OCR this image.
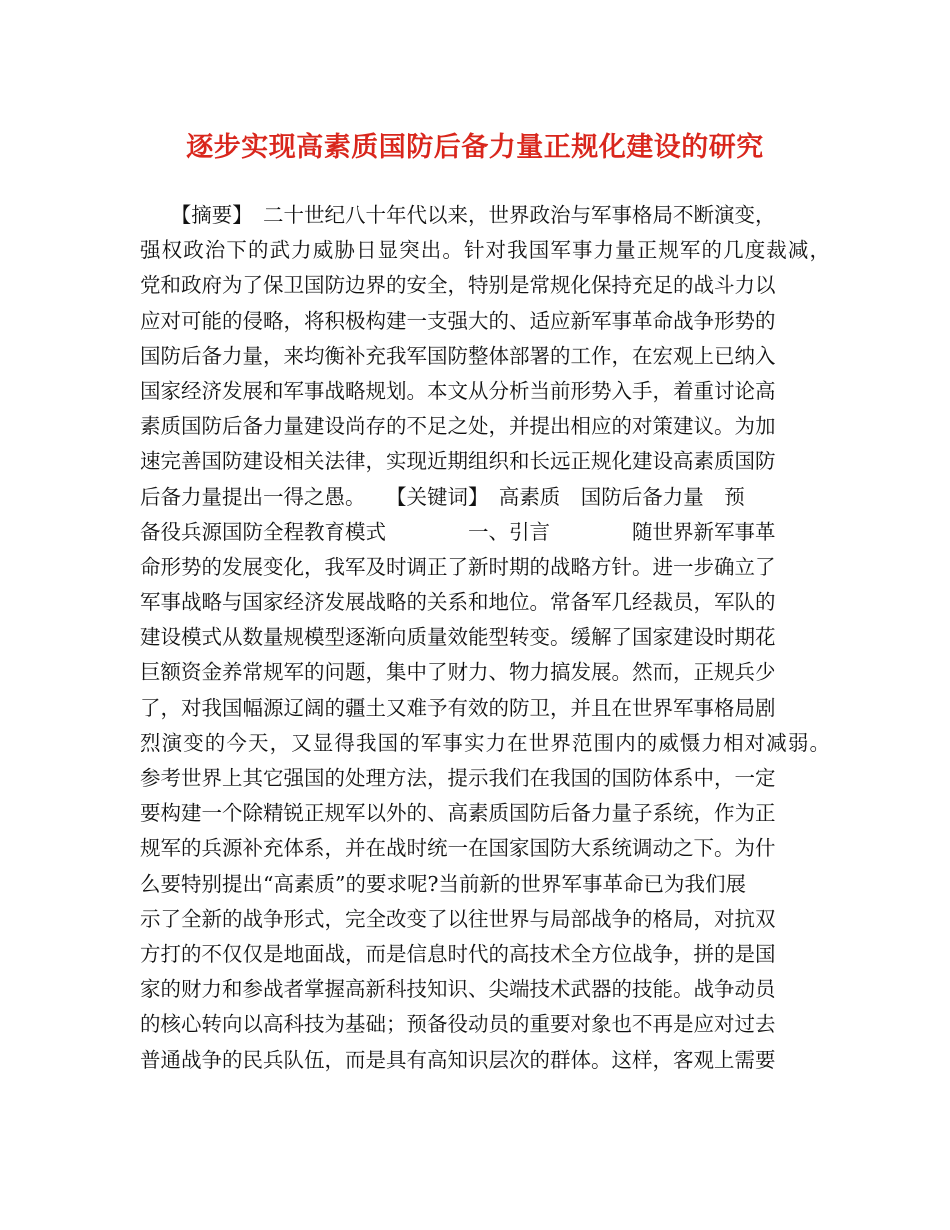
逐步实现高素质国防后备力量正规化建设的研究
　　【摘要】　二十世纪八十年代以来，世界政治与军事格局不断演变，
强权政治下的武力威胁日显突出。针对我国军事力量正规军的几度裁减，
党和政府为了保卫国防边界的安全，特别是常规化保持充足的战斗力以
应对可能的侵略，将积极构建一支强大的、适应新军事革命战争形势的
国防后备力量，来均衡补充我军国防整体部署的工作，在宏观上已纳入
国家经济发展和军事战略规划。本文从分析当前形势入手，着重讨论高
素质国防后备力量建设尚存的不足之处，并提出相应的对策建议。为加
速完善国防建设相关法律，实现近期组织和长远正规化建设高素质国防
后备力量提出一得之愚。　　【关键词】　高素质　国防后备力量　预
备役兵源国防全程教育模式　　　　一、引言　　　　随世界新军事革
命形势的发展变化，我军及时调正了新时期的战略方针。进一步确立了
军事战略与国家经济发展战略的关系和地位。常备军几经裁员，军队的
建设模式从数量规模型逐渐向质量效能型转变。缓解了国家建设时期花
巨额资金养常规军的问题，集中了财力、物力搞发展。然而，正规兵少
了，对我国幅源辽阔的疆土又难予有效的防卫，并且在世界军事格局剧
烈演变的今天，又显得我国的军事实力在世界范围内的威慑力相对减弱。
参考世界上其它强国的处理方法，提示我们在我国的国防体系中，一定
要构建一个除精锐正规军以外的、高素质国防后备力量子系统，作为正
规军的兵源补充体系，并在战时统一在国家国防大系统调动之下。为什
么要特别提出“高素质”的要求呢?当前新的世界军事革命已为我们展
示了全新的战争形式，完全改变了以往世界与局部战争的格局，对抗双
方打的不仅仅是地面战，而是信息时代的高技术全方位战争，拼的是国
家的财力和参战者掌握高新科技知识、尖端技术武器的技能。战争动员
的核心转向以高科技为基础；预备役动员的重要对象也不再是应对过去
普通战争的民兵队伍，而是具有高知识层次的群体。这样，客观上需要
